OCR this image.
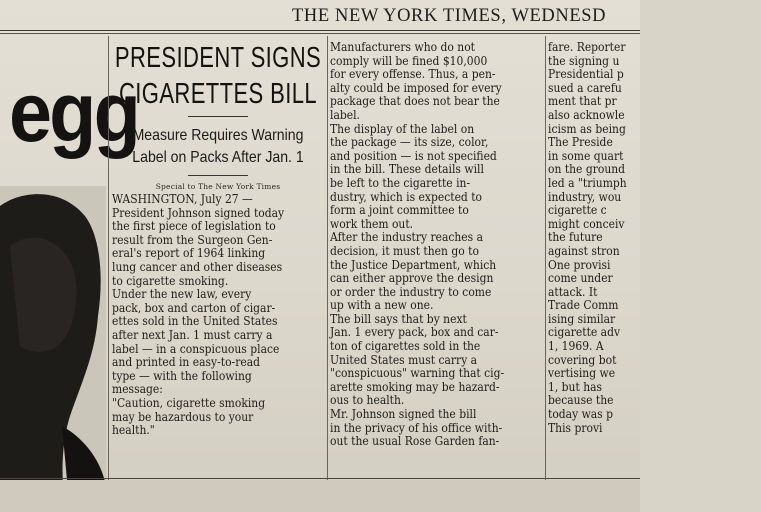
THE NEW YORK TIMES, WEDNESD
egg
PRESIDENT SIGNS
CIGARETTES BILL
Measure Requires Warning
Label on Packs After Jan. 1
Special to The New York Times
WASHINGTON, July 27 —
President Johnson signed today
the first piece of legislation to
result from the Surgeon Gen-
eral's report of 1964 linking
lung cancer and other diseases
to cigarette smoking.
Under the new law, every
pack, box and carton of cigar-
ettes sold in the United States
after next Jan. 1 must carry a
label — in a conspicuous place
and printed in easy-to-read
type — with the following
message:
"Caution, cigarette smoking
may be hazardous to your
health."
Manufacturers who do not
comply will be fined $10,000
for every offense. Thus, a pen-
alty could be imposed for every
package that does not bear the
label.
The display of the label on
the package — its size, color,
and position — is not specified
in the bill. These details will
be left to the cigarette in-
dustry, which is expected to
form a joint committee to
work them out.
After the industry reaches a
decision, it must then go to
the Justice Department, which
can either approve the design
or order the industry to come
up with a new one.
The bill says that by next
Jan. 1 every pack, box and car-
ton of cigarettes sold in the
United States must carry a
"conspicuous" warning that cig-
arette smoking may be hazard-
ous to health.
Mr. Johnson signed the bill
in the privacy of his office with-
out the usual Rose Garden fan-
fare. Reporter
the signing u
Presidential p
sued a carefu
ment that pr
also acknowle
icism as being
The Preside
in some quart
on the ground
led a "triumph
industry, wou
cigarette c
might conceiv
the future
against stron
One provisi
come under
attack. It
Trade Comm
ising similar
cigarette adv
1, 1969. A
covering bot
vertising we
1, but has
because the
today was p
This provi
